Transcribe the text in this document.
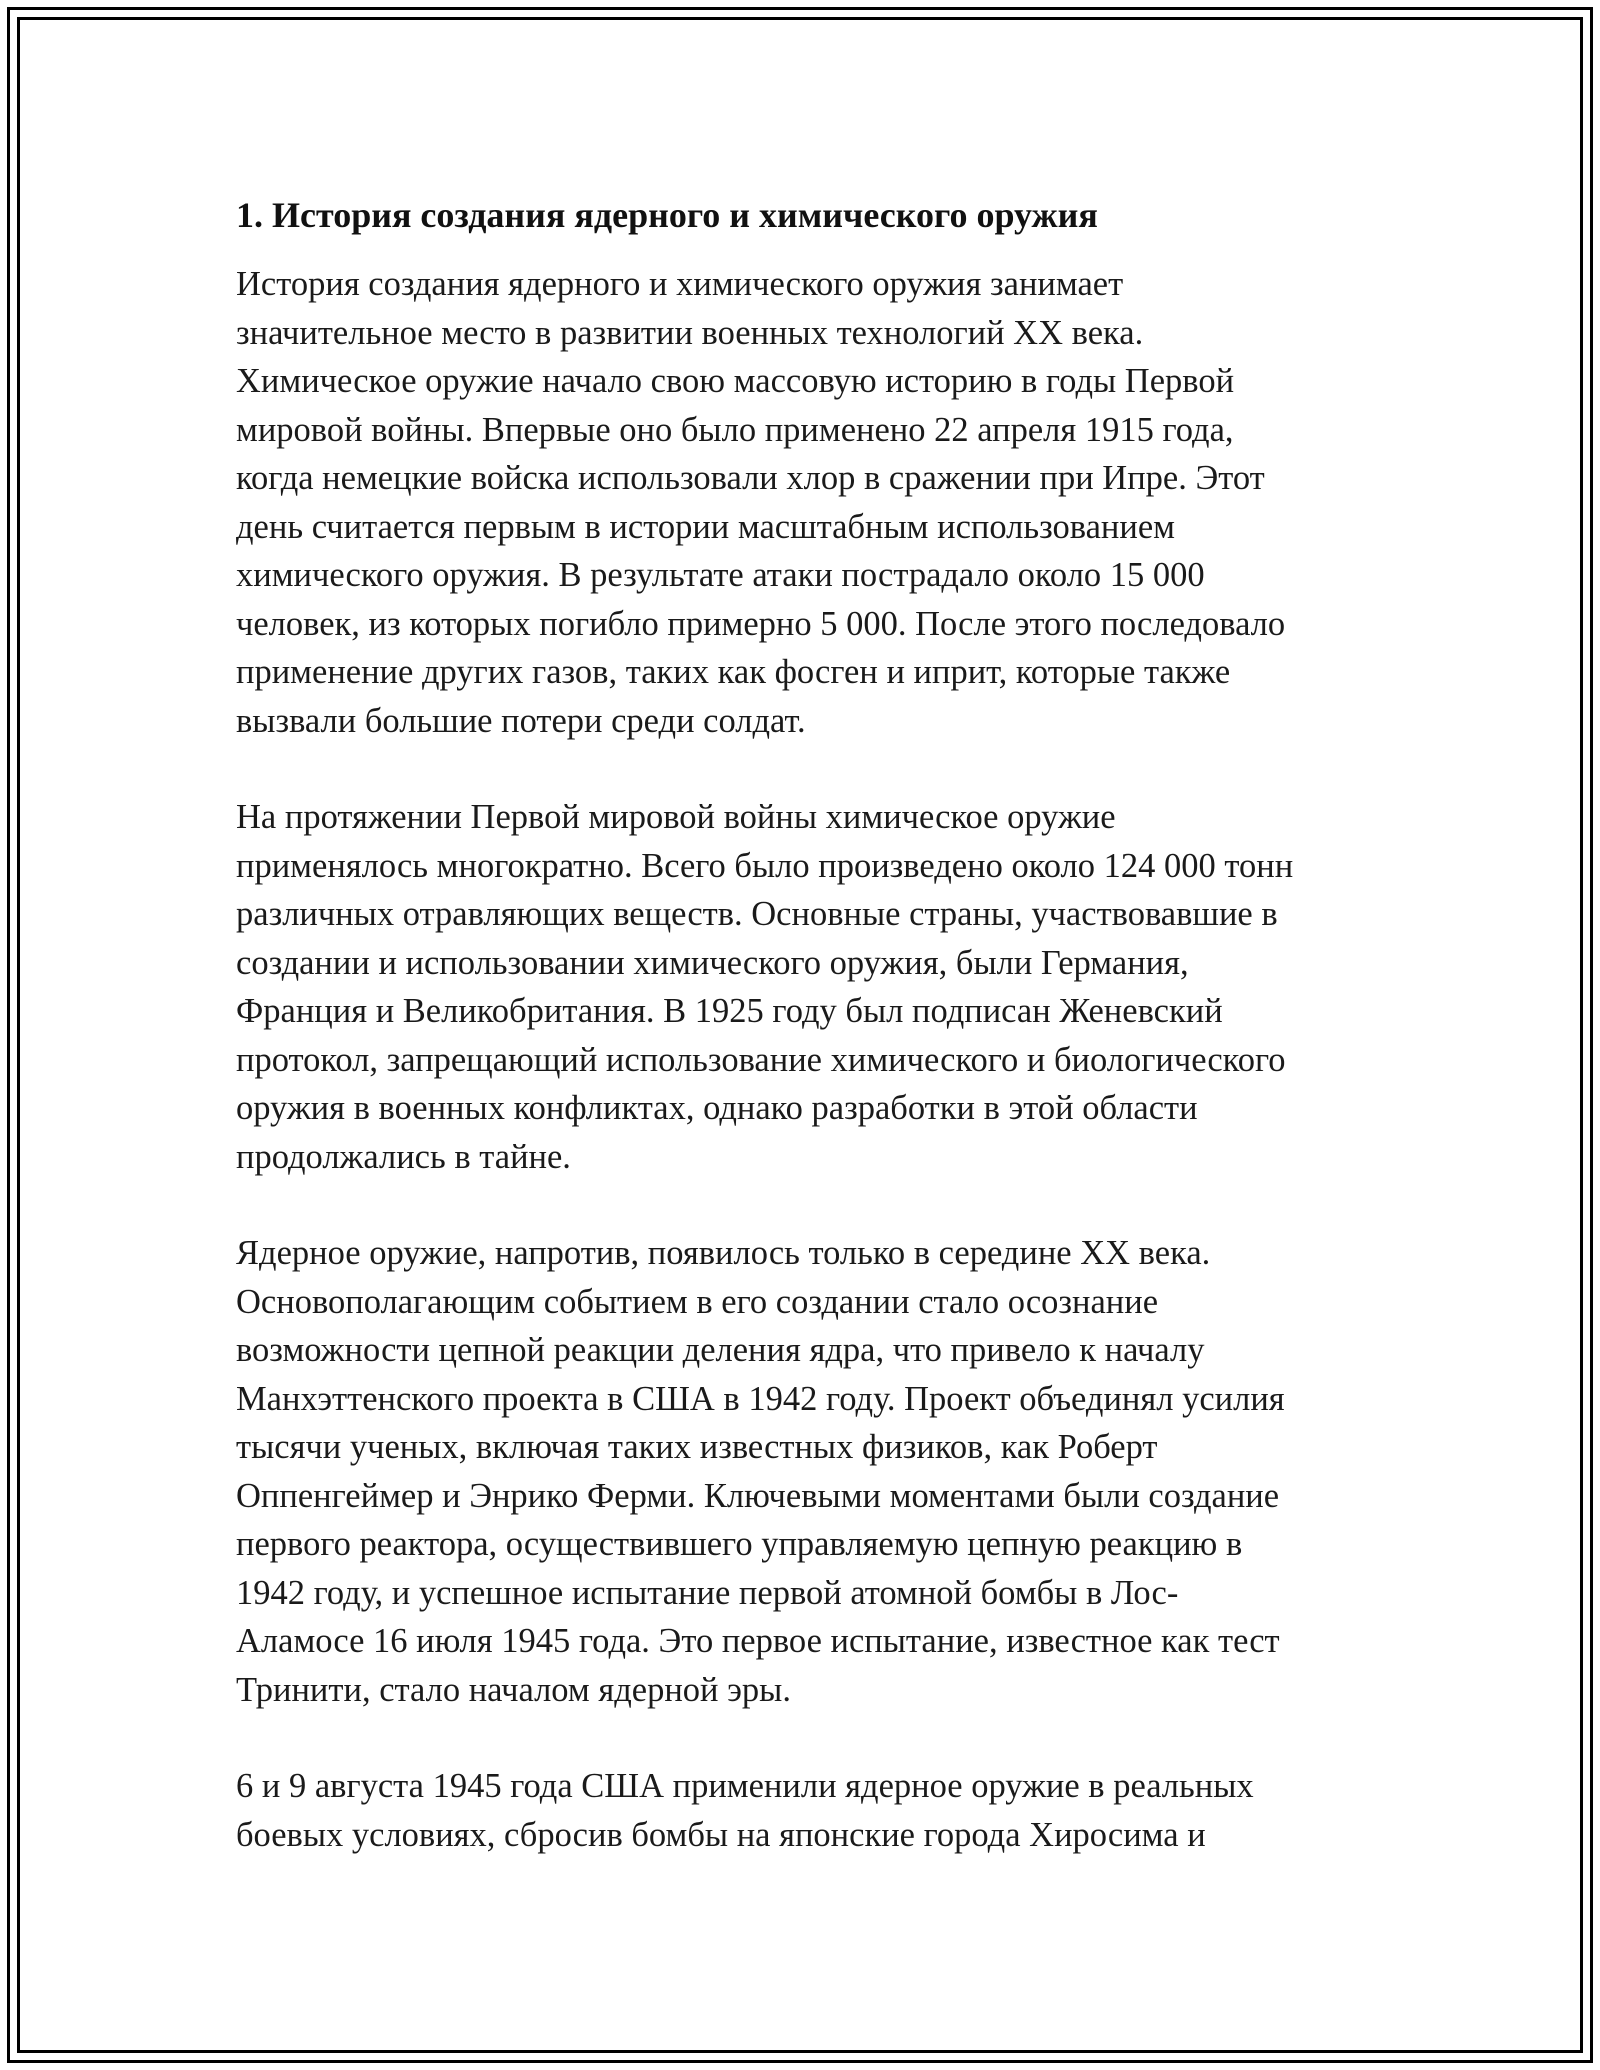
1. История создания ядерного и химического оружия

История создания ядерного и химического оружия занимает
значительное место в развитии военных технологий XX века.
Химическое оружие начало свою массовую историю в годы Первой
мировой войны. Впервые оно было применено 22 апреля 1915 года,
когда немецкие войска использовали хлор в сражении при Ипре. Этот
день считается первым в истории масштабным использованием
химического оружия. В результате атаки пострадало около 15 000
человек, из которых погибло примерно 5 000. После этого последовало
применение других газов, таких как фосген и иприт, которые также
вызвали большие потери среди солдат.

На протяжении Первой мировой войны химическое оружие
применялось многократно. Всего было произведено около 124 000 тонн
различных отравляющих веществ. Основные страны, участвовавшие в
создании и использовании химического оружия, были Германия,
Франция и Великобритания. В 1925 году был подписан Женевский
протокол, запрещающий использование химического и биологического
оружия в военных конфликтах, однако разработки в этой области
продолжались в тайне.

Ядерное оружие, напротив, появилось только в середине XX века.
Основополагающим событием в его создании стало осознание
возможности цепной реакции деления ядра, что привело к началу
Манхэттенского проекта в США в 1942 году. Проект объединял усилия
тысячи ученых, включая таких известных физиков, как Роберт
Оппенгеймер и Энрико Ферми. Ключевыми моментами были создание
первого реактора, осуществившего управляемую цепную реакцию в
1942 году, и успешное испытание первой атомной бомбы в Лос-
Аламосе 16 июля 1945 года. Это первое испытание, известное как тест
Тринити, стало началом ядерной эры.

6 и 9 августа 1945 года США применили ядерное оружие в реальных
боевых условиях, сбросив бомбы на японские города Хиросима и
